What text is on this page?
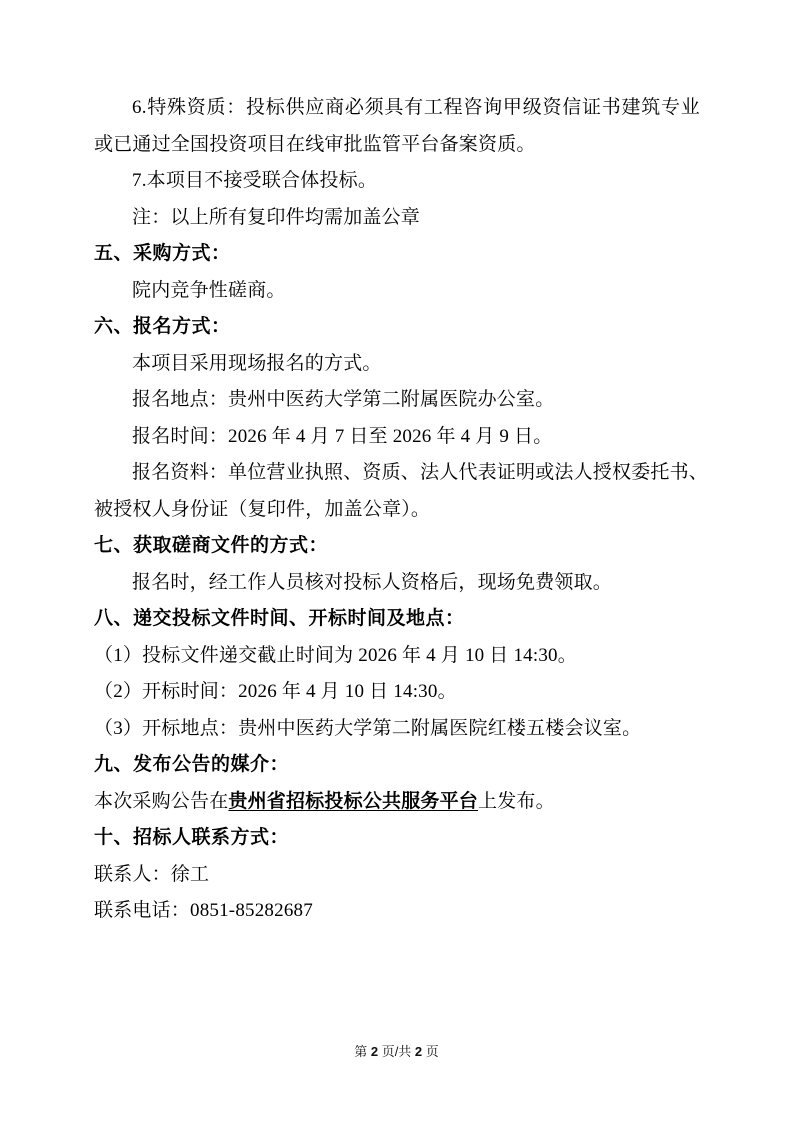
6.特殊资质：投标供应商必须具有工程咨询甲级资信证书建筑专业
或已通过全国投资项目在线审批监管平台备案资质。
7.本项目不接受联合体投标。
注：以上所有复印件均需加盖公章
五、采购方式：
院内竞争性磋商。
六、报名方式：
本项目采用现场报名的方式。
报名地点：贵州中医药大学第二附属医院办公室。
报名时间：2026 年 4 月 7 日至 2026 年 4 月 9 日。
报名资料：单位营业执照、资质、法人代表证明或法人授权委托书、
被授权人身份证（复印件，加盖公章）。
七、获取磋商文件的方式：
报名时，经工作人员核对投标人资格后，现场免费领取。
八、递交投标文件时间、开标时间及地点：
（1）投标文件递交截止时间为 2026 年 4 月 10 日 14:30。
（2）开标时间：2026 年 4 月 10 日 14:30。
（3）开标地点：贵州中医药大学第二附属医院红楼五楼会议室。
九、发布公告的媒介：
本次采购公告在贵州省招标投标公共服务平台上发布。
十、招标人联系方式：
联系人：徐工
联系电话：0851-85282687
第 2 页/共 2 页
